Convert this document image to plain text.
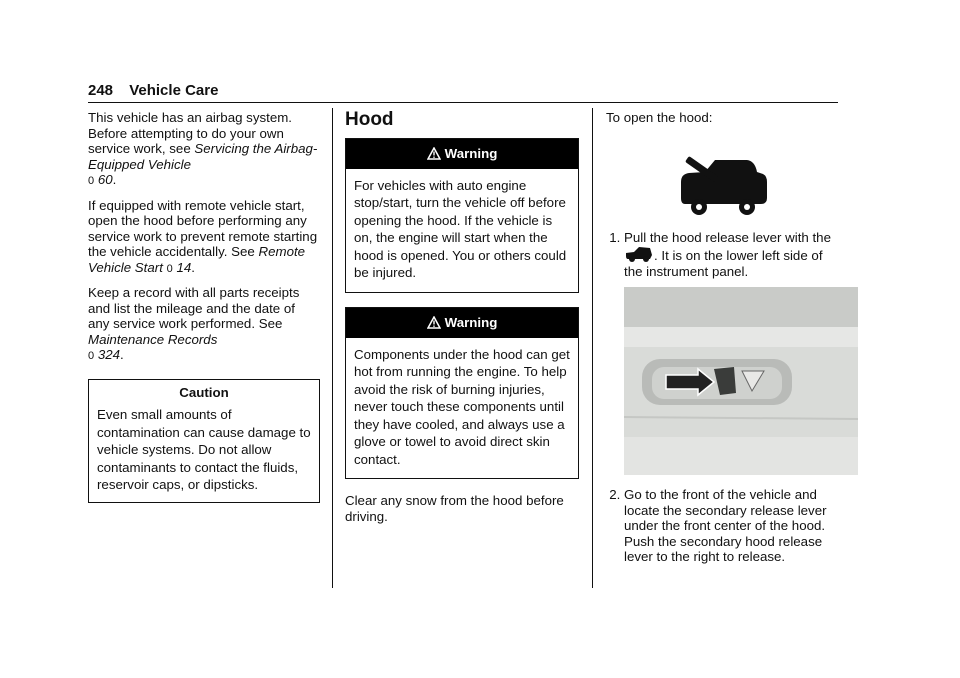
248 Vehicle Care

This vehicle has an airbag system. Before attempting to do your own service work, see Servicing the Airbag-Equipped Vehicle
0 60.

If equipped with remote vehicle start, open the hood before performing any service work to prevent remote starting the vehicle accidentally. See Remote Vehicle Start 0 14.

Keep a record with all parts receipts and list the mileage and the date of any service work performed. See Maintenance Records
0 324.

Caution
Even small amounts of contamination can cause damage to vehicle systems. Do not allow contaminants to contact the fluids, reservoir caps, or dipsticks.
Hood
Warning
For vehicles with auto engine stop/start, turn the vehicle off before opening the hood. If the vehicle is on, the engine will start when the hood is opened. You or others could be injured.
Warning
Components under the hood can get hot from running the engine. To help avoid the risk of burning injuries, never touch these components until they have cooled, and always use a glove or towel to avoid direct skin contact.

Clear any snow from the hood before driving.

To open the hood:

1. Pull the hood release lever with the . It is on the lower left side of the instrument panel.
2. Go to the front of the vehicle and locate the secondary release lever under the front center of the hood. Push the secondary hood release lever to the right to release.
